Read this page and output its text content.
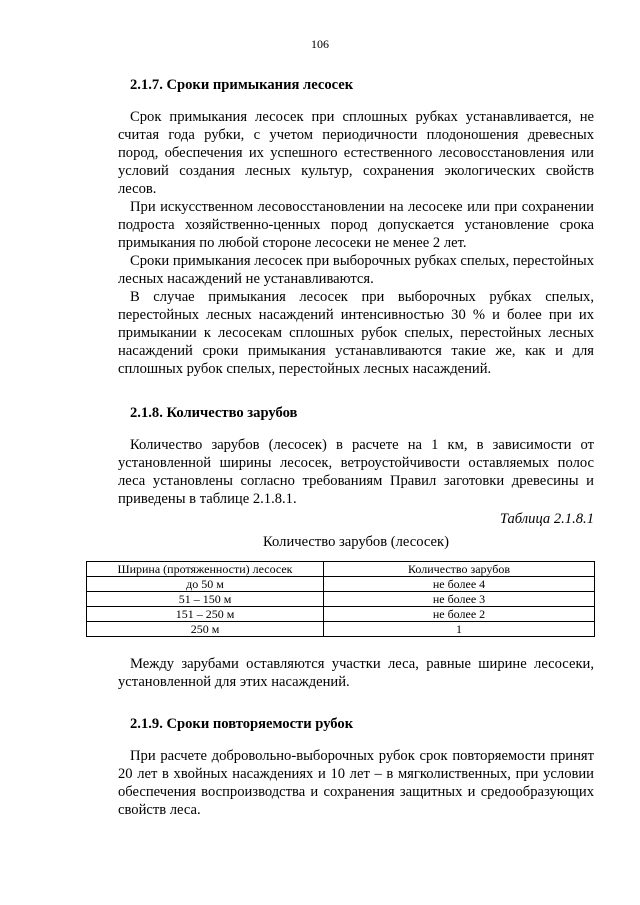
106
2.1.7. Сроки примыкания лесосек

Срок примыкания лесосек при сплошных рубках устанавливается, не считая года рубки, с учетом периодичности плодоношения древесных пород, обеспечения их успешного естественного лесовосстановления или условий создания лесных культур, сохранения экологических свойств лесов.

При искусственном лесовосстановлении на лесосеке или при сохранении подроста хозяйственно-ценных пород допускается установление срока примыкания по любой стороне лесосеки не менее 2 лет.

Сроки примыкания лесосек при выборочных рубках спелых, перестойных лесных насаждений не устанавливаются.

В случае примыкания лесосек при выборочных рубках спелых, перестойных лесных насаждений интенсивностью 30 % и более при их примыкании к лесосекам сплошных рубок спелых, перестойных лесных насаждений сроки примыкания устанавливаются такие же, как и для сплошных рубок спелых, перестойных лесных насаждений.

2.1.8. Количество зарубов

Количество зарубов (лесосек) в расчете на 1 км, в зависимости от установленной ширины лесосек, ветроустойчивости оставляемых полос леса установлены согласно требованиям Правил заготовки древесины и приведены в таблице 2.1.8.1.

Таблица 2.1.8.1
Количество зарубов (лесосек)
Ширина (протяженности) лесосек	Количество зарубов
до 50 м	не более 4
51 – 150 м	не более 3
151 – 250 м	не более 2
250 м	1

Между зарубами оставляются участки леса, равные ширине лесосеки, установленной для этих насаждений.

2.1.9. Сроки повторяемости рубок

При расчете добровольно-выборочных рубок срок повторяемости принят 20 лет в хвойных насаждениях и 10 лет – в мягколиственных, при условии обеспечения воспроизводства и сохранения защитных и средообразующих свойств леса.
